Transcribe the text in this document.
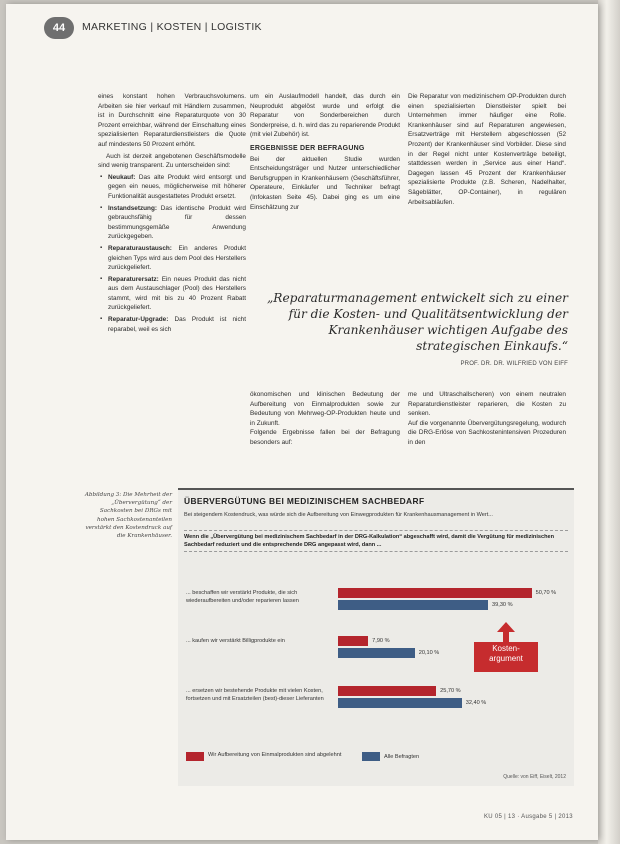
44	MARKETING | KOSTEN | LOGISTIK

eines konstant hohen Verbrauchsvolumens. Arbeiten sie hier verkauf mit Händlern zusammen, ist in Durchschnitt eine Reparaturquote von 30 Prozent erreichbar, während der Einschaltung eines spezialisierten Reparaturdienstleisters die Quote auf mindestens 50 Prozent erhöht.

Auch ist derzeit angebotenen Geschäftsmodelle sind wenig transparent. Zu unterscheiden sind:

▪ Neukauf: Das alte Produkt wird entsorgt und gegen ein neues, möglicherweise mit höherer Funktionalität ausgestattetes Produkt ersetzt.
▪ Instandsetzung: Das identische Produkt wird gebrauchsfähig für dessen bestimmungsgemäße Anwendung zurückgegeben.
▪ Reparaturaustausch: Ein anderes Produkt gleichen Typs wird aus dem Pool des Herstellers zurückgeliefert.
▪ Reparaturersatz: Ein neues Produkt das nicht aus dem Austauschlager (Pool) des Herstellers stammt, wird mit bis zu 40 Prozent Rabatt zurückgeliefert.
▪ Reparatur-Upgrade: Das Produkt ist nicht reparabel, weil es sich

um ein Auslaufmodell handelt, das durch ein Neuprodukt abgelöst wurde und erfolgt die Reparatur von Sonderbereichen durch Sonderpreise, d. h. wird das zu reparierende Produkt (mit viel Zubehör) ist.

ERGEBNISSE DER BEFRAGUNG

Bei der aktuellen Studie wurden Entscheidungsträger und Nutzer unterschiedlicher Berufsgruppen in Krankenhäusern (Geschäftsführer, Operateure, Einkäufer und Techniker befragt (Infokasten Seite 45). Dabei ging es um eine Einschätzung zur

Die Reparatur von medizinischem OP-Produkten durch einen spezialisierten Dienstleister spielt bei Unternehmen immer häufiger eine Rolle. Krankenhäuser sind auf Reparaturen angewiesen, Ersatzverträge mit Herstellern abgeschlossen (52 Prozent) der Krankenhäuser sind Vorbilder. Diese sind in der Regel nicht unter Kostenverträge beteiligt, stattdessen werden in „Service aus einer Hand“. Dagegen lassen 45 Prozent der Krankenhäuser spezialisierte Produkte (z.B. Scheren, Nadelhalter, Sägeblätter, OP-Container), in regulären Arbeitsabläufen.

„Reparaturmanagement entwickelt sich zu einer für die Kosten- und Qualitätsentwicklung der Krankenhäuser wichtigen Aufgabe des strategischen Einkaufs.“
PROF. DR. DR. WILFRIED VON EIFF
ökonomischen und klinischen Bedeutung der Aufbereitung von Einmalprodukten sowie zur Bedeutung von Mehrweg-OP-Produkten heute und in Zukunft.
Folgende Ergebnisse fallen bei der Befragung besonders auf:
me und Ultraschallscheren) von einem neutralen Reparaturdienstleister reparieren, die Kosten zu senken.
Auf die vorgenannte Übervergütungsregelung, wodurch die DRG-Erlöse von Sachkostenintensiven Prozeduren in den
Abbildung 3: Die Mehrheit der „Übervergütung“ der Sachkosten bei DRGs mit hohen Sachkostenanteilen verstärkt den Kostendruck auf die Krankenhäuser.
ÜBERVERGÜTUNG BEI MEDIZINISCHEM SACHBEDARF
Bei steigendem Kostendruck, was würde sich die Aufbereitung von Einwegprodukten für Krankenhausmanagement in Wert...
Wenn die „Übervergütung bei medizinischem Sachbedarf in der DRG-Kalkulation“ abgeschafft wird, damit die Vergütung für medizinischen Sachbedarf reduziert und die entsprechende DRG angepasst wird, dann ...
Kosten-
argument
Wir Aufbereitung von Einmalprodukten sind abgelehnt	Alle Befragten
Quelle: von Eiff, Eiselt, 2012
... beschaffen wir verstärkt Produkte, die sich wiederaufbereiten und/oder reparieren lassen
50,70 %
39,30 %
... kaufen wir verstärkt Billigprodukte ein	7,90 %
20,10 %
... ersetzen wir bestehende Produkte mit vielen Kosten, fortsetzen und mit Ersatzteilen (best)-dieser Lieferanten
25,70 %
32,40 %
KU 05 | 13 · Ausgabe 5 | 2013
